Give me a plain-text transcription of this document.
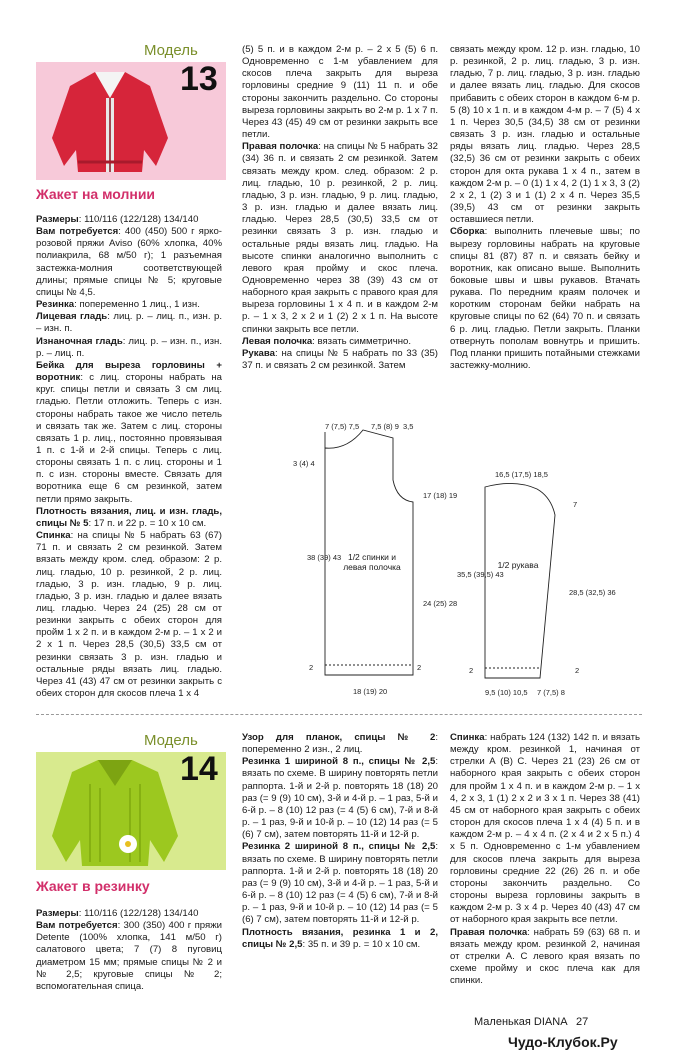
Модель
13
Жакет на молнии

Размеры: 110/116 (122/128) 134/140

Вам потребуется: 400 (450) 500 г ярко-розовой пряжи Aviso (60% хлопка, 40% полиакрила, 68 м/50 г); 1 разъемная застежка-молния соответствующей длины; прямые спицы № 5; круговые спицы № 4,5.

Резинка: попеременно 1 лиц., 1 изн.

Лицевая гладь: лиц. р. – лиц. п., изн. р. – изн. п.

Изнаночная гладь: лиц. р. – изн. п., изн. р. – лиц. п.

Бейка для выреза горловины + воротник: с лиц. стороны набрать на круг. спицы петли и связать 3 см лиц. гладью. Петли отложить. Теперь с изн. стороны набрать такое же число петель и связать так же. Затем с лиц. стороны связать 1 р. лиц., постоянно провязывая 1 п. с 1-й и 2-й спицы. Теперь с лиц. стороны связать 1 п. с лиц. стороны и 1 п. с изн. стороны вместе. Связать для воротника еще 6 см резинкой, затем петли прямо закрыть.

Плотность вязания, лиц. и изн. гладь, спицы № 5: 17 п. и 22 р. = 10 х 10 см.

Спинка: на спицы № 5 набрать 63 (67) 71 п. и связать 2 см резинкой. Затем вязать между кром. след. образом: 2 р. лиц. гладью, 10 р. резинкой, 2 р. лиц. гладью, 3 р. изн. гладью, 9 р. лиц. гладью, 3 р. изн. гладью и далее вязать лиц. гладью. Через 24 (25) 28 см от резинки закрыть с обеих сторон для пройм 1 х 2 п. и в каждом 2-м р. – 1 х 2 и 2 х 1 п. Через 28,5 (30,5) 33,5 см от резинки связать 3 р. изн. гладью и остальные ряды вязать лиц. гладью. Через 41 (43) 47 см от резинки закрыть с обеих сторон для скосов плеча 1 х 4

(5) 5 п. и в каждом 2-м р. – 2 х 5 (5) 6 п. Одновременно с 1-м убавлением для скосов плеча закрыть для выреза горловины средние 9 (11) 11 п. и обе стороны закончить раздельно. Со стороны выреза горловины закрыть во 2-м р. 1 х 7 п. Через 43 (45) 49 см от резинки закрыть все петли.

Правая полочка: на спицы № 5 набрать 32 (34) 36 п. и связать 2 см резинкой. Затем связать между кром. след. образом: 2 р. лиц. гладью, 10 р. резинкой, 2 р. лиц. гладью, 3 р. изн. гладью, 9 р. лиц. гладью, 3 р. изн. гладью и далее вязать лиц. гладью. Через 28,5 (30,5) 33,5 см от резинки связать 3 р. изн. гладью и остальные ряды вязать лиц. гладью. На высоте спинки аналогично выполнить с левого края пройму и скос плеча. Одновременно через 38 (39) 43 см от наборного края закрыть с правого края для выреза горловины 1 х 4 п. и в каждом 2-м р. – 1 х 3, 2 х 2 и 1 (2) 2 х 1 п. На высоте спинки закрыть все петли.

Левая полочка: вязать симметрично.

Рукава: на спицы № 5 набрать по 33 (35) 37 п. и связать 2 см резинкой. Затем

связать между кром. 12 р. изн. гладью, 10 р. резинкой, 2 р. лиц. гладью, 3 р. изн. гладью, 7 р. лиц. гладью, 3 р. изн. гладью и далее вязать лиц. гладью. Для скосов прибавить с обеих сторон в каждом 6-м р. 5 (8) 10 х 1 п. и в каждом 4-м р. – 7 (5) 4 х 1 п. Через 30,5 (34,5) 38 см от резинки связать 3 р. изн. гладью и остальные ряды вязать лиц. гладью. Через 28,5 (32,5) 36 см от резинки закрыть с обеих сторон для окта рукава 1 х 4 п., затем в каждом 2-м р. – 0 (1) 1 х 4, 2 (1) 1 х 3, 3 (2) 2 х 2, 1 (2) 3 и 1 (1) 2 х 4 п. Через 35,5 (39,5) 43 см от резинки закрыть оставшиеся петли.

Сборка: выполнить плечевые швы; по вырезу горловины набрать на круговые спицы 81 (87) 87 п. и связать бейку и воротник, как описано выше. Выполнить боковые швы и швы рукавов. Втачать рукава. По передним краям полочек и коротким сторонам бейки набрать на круговые спицы по 62 (64) 70 п. и связать 6 р. лиц. гладью. Петли закрыть. Планки отвернуть пополам вовнутрь и пришить. Под планки пришить потайными стежками застежку-молнию.

7 (7,5) 7,5 7,5 (8) 9 3,5
3 (4) 4
17 (18) 19
38 (39) 43
24 (25) 28
2	2
18 (19) 20
1/2 спинки и левая полочка
16,5 (17,5) 18,5
7
35,5 (39,5) 43
28,5 (32,5) 36
2	2
9,5 (10) 10,5 7 (7,5) 8
1/2 рукава
Модель
14
Жакет в резинку

Размеры: 110/116 (122/128) 134/140

Вам потребуется: 300 (350) 400 г пряжи Detente (100% хлопка, 141 м/50 г) салатового цвета; 7 (7) 8 пуговиц диаметром 15 мм; прямые спицы № 2 и № 2,5; круговые спицы № 2; вспомогательная спица.

Узор для планок, спицы № 2: попеременно 2 изн., 2 лиц.

Резинка 1 шириной 8 п., спицы № 2,5: вязать по схеме. В ширину повторять петли раппорта. 1-й и 2-й р. повторять 18 (18) 20 раз (= 9 (9) 10 см), 3-й и 4-й р. – 1 раз, 5-й и 6-й р. – 8 (10) 12 раз (= 4 (5) 6 см), 7-й и 8-й р. – 1 раз, 9-й и 10-й р. – 10 (12) 14 раз (= 5 (6) 7 см), затем повторять 11-й и 12-й р.

Резинка 2 шириной 8 п., спицы № 2,5: вязать по схеме. В ширину повторять петли раппорта. 1-й и 2-й р. повторять 18 (18) 20 раз (= 9 (9) 10 см), 3-й и 4-й р. – 1 раз, 5-й и 6-й р. – 8 (10) 12 раз (= 4 (5) 6 см), 7-й и 8-й р. – 1 раз, 9-й и 10-й р. – 10 (12) 14 раз (= 5 (6) 7 см), затем повторять 11-й и 12-й р.

Плотность вязания, резинка 1 и 2, спицы № 2,5: 35 п. и 39 р. = 10 х 10 см.

Спинка: набрать 124 (132) 142 п. и вязать между кром. резинкой 1, начиная от стрелки А (В) С. Через 21 (23) 26 см от наборного края закрыть с обеих сторон для пройм 1 х 4 п. и в каждом 2-м р. – 1 х 4, 2 х 3, 1 (1) 2 х 2 и 3 х 1 п. Через 38 (41) 45 см от наборного края закрыть с обеих сторон для скосов плеча 1 х 4 (4) 5 п. и в каждом 2-м р. – 4 х 4 п. (2 х 4 и 2 х 5 п.) 4 х 5 п. Одновременно с 1-м убавлением для скосов плеча закрыть для выреза горловины средние 22 (26) 26 п. и обе стороны закончить раздельно. Со стороны выреза горловины закрыть в каждом 2-м р. 3 х 4 р. Через 40 (43) 47 см от наборного края закрыть все петли.

Правая полочка: набрать 59 (63) 68 п. и вязать между кром. резинкой 2, начиная от стрелки А. С левого края вязать по схеме пройму и скос плеча как для спинки.

Маленькая DIANA 27
Чудо-Клубок.Ру
